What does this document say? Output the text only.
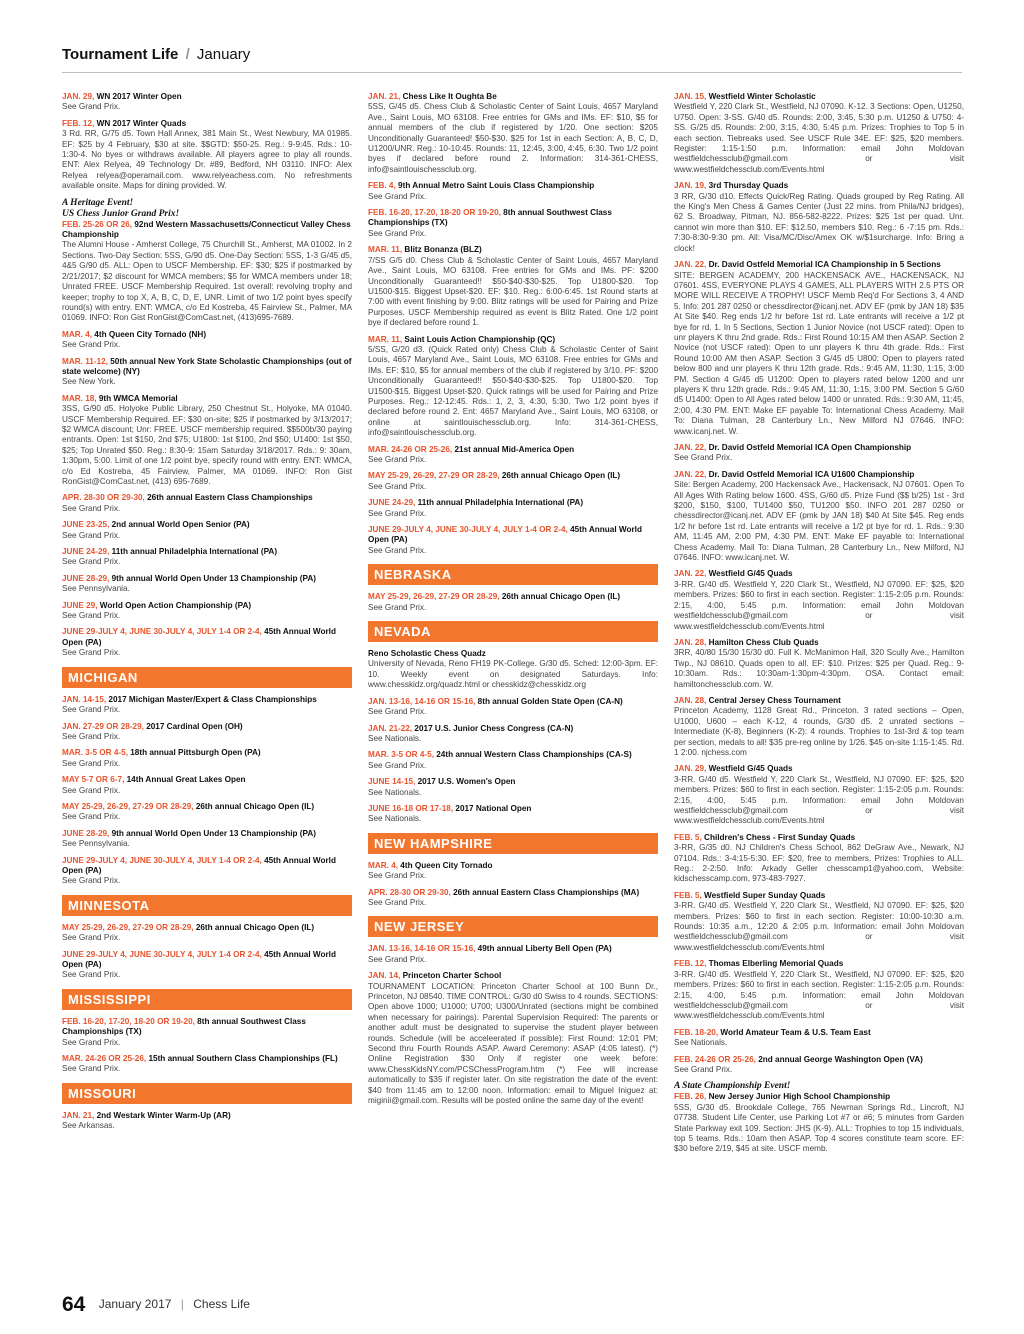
Tournament Life / January
JAN. 29, WN 2017 Winter Open
See Grand Prix.
FEB. 12, WN 2017 Winter Quads
3 Rd. RR, G/75 d5. Town Hall Annex, 381 Main St., West Newbury, MA 01985. EF: $25 by 4 February, $30 at site. $$GTD: $50-25. Reg.: 9-9:45. Rds.: 10-1:30-4. No byes or withdraws available. All players agree to play all rounds. ENT: Alex Relyea, 49 Technology Dr. #89, Bedford, NH 03110. INFO: Alex Relyea relyea@operamail.com. www.relyeachess.com. No refreshments available onsite. Maps for dining provided. W.
A Heritage Event!
US Chess Junior Grand Prix!
FEB. 25-26 OR 26, 92nd Western Massachusetts/Connecticut Valley Chess Championship
The Alumni House - Amherst College, 75 Churchill St., Amherst, MA 01002. In 2 Sections. Two-Day Section: 5SS, G/90 d5. One-Day Section: 5SS, 1-3 G/45 d5, 4&5 G/90 d5. ALL: Open to USCF Membership. EF: $30; $25 if postmarked by 2/21/2017; $2 discount for WMCA members; $5 for WMCA members under 18; Unrated FREE. USCF Membership Required. 1st overall: revolving trophy and keeper; trophy to top X, A, B, C, D, E, UNR. Limit of two 1/2 point byes specify round(s) with entry. ENT: WMCA, c/o Ed Kostreba, 45 Fairview St., Palmer, MA 01069. INFO: Ron Gist RonGist@ComCast.net, (413)695-7689.
MAR. 4, 4th Queen City Tornado (NH)
See Grand Prix.
MAR. 11-12, 50th annual New York State Scholastic Championships (out of state welcome) (NY)
See New York.
MAR. 18, 9th WMCA Memorial
3SS, G/90 d5. Holyoke Public Library, 250 Chestnut St., Holyoke, MA 01040. USCF Membership Required. EF: $30 on-site; $25 if postmarked by 3/13/2017; $2 WMCA discount; Unr: FREE. USCF membership required. $$500b/30 paying entrants. Open: 1st $150, 2nd $75; U1800: 1st $100, 2nd $50; U1400: 1st $50, $25; Top Unrated $50. Reg.: 8:30-9: 15am Saturday 3/18/2017. Rds.: 9: 30am, 1:30pm, 5:00. Limit of one 1/2 point bye, specify round with entry. ENT: WMCA, c/o Ed Kostreba, 45 Fairview, Palmer, MA 01069. INFO: Ron Gist RonGist@ComCast.net, (413) 695-7689.
APR. 28-30 OR 29-30, 26th annual Eastern Class Championships
See Grand Prix.
JUNE 23-25, 2nd annual World Open Senior (PA)
See Grand Prix.
JUNE 24-29, 11th annual Philadelphia International (PA)
See Grand Prix.
JUNE 28-29, 9th annual World Open Under 13 Championship (PA)
See Pennsylvania.
JUNE 29, World Open Action Championship (PA)
See Grand Prix.
JUNE 29-JULY 4, JUNE 30-JULY 4, JULY 1-4 OR 2-4, 45th Annual World Open (PA)
See Grand Prix.
MICHIGAN
JAN. 14-15, 2017 Michigan Master/Expert & Class Championships
See Grand Prix.
JAN. 27-29 OR 28-29, 2017 Cardinal Open (OH)
See Grand Prix.
MAR. 3-5 OR 4-5, 18th annual Pittsburgh Open (PA)
See Grand Prix.
MAY 5-7 OR 6-7, 14th Annual Great Lakes Open
See Grand Prix.
MAY 25-29, 26-29, 27-29 OR 28-29, 26th annual Chicago Open (IL)
See Grand Prix.
JUNE 28-29, 9th annual World Open Under 13 Championship (PA)
See Pennsylvania.
JUNE 29-JULY 4, JUNE 30-JULY 4, JULY 1-4 OR 2-4, 45th Annual World Open (PA)
See Grand Prix.
MINNESOTA
MAY 25-29, 26-29, 27-29 OR 28-29, 26th annual Chicago Open (IL)
See Grand Prix.
JUNE 29-JULY 4, JUNE 30-JULY 4, JULY 1-4 OR 2-4, 45th Annual World Open (PA)
See Grand Prix.
MISSISSIPPI
FEB. 16-20, 17-20, 18-20 OR 19-20, 8th annual Southwest Class Championships (TX)
See Grand Prix.
MAR. 24-26 OR 25-26, 15th annual Southern Class Championships (FL)
See Grand Prix.
MISSOURI
JAN. 21, 2nd Westark Winter Warm-Up (AR)
See Arkansas.
JAN. 21, Chess Like It Oughta Be
5SS, G/45 d5. Chess Club & Scholastic Center of Saint Louis, 4657 Maryland Ave., Saint Louis, MO 63108. Free entries for GMs and IMs. EF: $10, $5 for annual members of the club if registered by 1/20. One section: $205 Unconditionally Guaranteed! $50-$30. $25 for 1st in each Section: A, B, C, D, U1200/UNR. Reg.: 10-10:45. Rounds: 11, 12:45, 3:00, 4:45, 6:30. Two 1/2 point byes if declared before round 2. Information: 314-361-CHESS, info@saintlouischessclub.org.
FEB. 4, 9th Annual Metro Saint Louis Class Championship
See Grand Prix.
FEB. 16-20, 17-20, 18-20 OR 19-20, 8th annual Southwest Class Championships (TX)
See Grand Prix.
MAR. 11, Blitz Bonanza (BLZ)
7/SS G/5 d0. Chess Club & Scholastic Center of Saint Louis, 4657 Maryland Ave., Saint Louis, MO 63108. Free entries for GMs and IMs. PF: $200 Unconditionally Guaranteed!! $50-$40-$30-$25. Top U1800-$20. Top U1500-$15. Biggest Upset-$20. EF: $10. Reg.: 6:00-6:45. 1st Round starts at 7:00 with event finishing by 9:00. Blitz ratings will be used for Pairing and Prize Purposes. USCF Membership required as event is Blitz Rated. One 1/2 point bye if declared before round 1.
MAR. 11, Saint Louis Action Championship (QC)
5/SS, G/20 d3. (Quick Rated only) Chess Club & Scholastic Center of Saint Louis, 4657 Maryland Ave., Saint Louis, MO 63108. Free entries for GMs and IMs. EF: $10, $5 for annual members of the club if registered by 3/10. PF: $200 Unconditionally Guaranteed!! $50-$40-$30-$25. Top U1800-$20. Top U1500-$15. Biggest Upset-$20. Quick ratings will be used for Pairing and Prize Purposes. Reg.: 12-12:45. Rds.: 1, 2, 3, 4:30, 5:30. Two 1/2 point byes if declared before round 2. Ent: 4657 Maryland Ave., Saint Louis, MO 63108, or online at saintlouischessclub.org. Info: 314-361-CHESS, info@saintlouischessclub.org.
MAR. 24-26 OR 25-26, 21st annual Mid-America Open
See Grand Prix.
MAY 25-29, 26-29, 27-29 OR 28-29, 26th annual Chicago Open (IL)
See Grand Prix.
JUNE 24-29, 11th annual Philadelphia International (PA)
See Grand Prix.
JUNE 29-JULY 4, JUNE 30-JULY 4, JULY 1-4 OR 2-4, 45th Annual World Open (PA)
See Grand Prix.
NEBRASKA
MAY 25-29, 26-29, 27-29 OR 28-29, 26th annual Chicago Open (IL)
See Grand Prix.
NEVADA
Reno Scholastic Chess Quadz
University of Nevada, Reno FH19 PK-College. G/30 d5. Sched: 12:00-3pm. EF: 10. Weekly event on designated Saturdays. Info: www.chesskidz.org/quadz.html or chesskidz@chesskidz.org
JAN. 13-16, 14-16 OR 15-16, 8th annual Golden State Open (CA-N)
See Grand Prix.
JAN. 21-22, 2017 U.S. Junior Chess Congress (CA-N)
See Nationals.
MAR. 3-5 OR 4-5, 24th annual Western Class Championships (CA-S)
See Grand Prix.
JUNE 14-15, 2017 U.S. Women's Open
See Nationals.
JUNE 16-18 OR 17-18, 2017 National Open
See Nationals.
NEW HAMPSHIRE
MAR. 4, 4th Queen City Tornado
See Grand Prix.
APR. 28-30 OR 29-30, 26th annual Eastern Class Championships (MA)
See Grand Prix.
NEW JERSEY
JAN. 13-16, 14-16 OR 15-16, 49th annual Liberty Bell Open (PA)
See Grand Prix.
JAN. 14, Princeton Charter School
TOURNAMENT LOCATION: Princeton Charter School at 100 Bunn Dr., Princeton, NJ 08540. TIME CONTROL: G/30 d0 Swiss to 4 rounds. SECTIONS: Open above 1000; U1000; U700; U300/Unrated (sections might be combined when necessary for pairings). Parental Supervision Required: The parents or another adult must be designated to supervise the student player between rounds. Schedule (will be acceleerated if possible): First Round: 12:01 PM; Second thru Fourth Rounds ASAP. Award Ceremony: ASAP (4:05 latest). (*) Online Registration $30 Only if register one week before: www.ChessKidsNY.com/PCSChessProgram.htm (*) Fee will increase automatically to $35 if register later. On site registration the date of the event: $40 from 11:45 am to 12:00 noon. Information: email to Miguel Iniguez at: miginii@gmail.com. Results will be posted online the same day of the event!
JAN. 15, Westfield Winter Scholastic
Westfield Y, 220 Clark St., Westfield, NJ 07090. K-12. 3 Sections: Open, U1250, U750. Open: 3-SS. G/40 d5. Rounds: 2:00, 3:45, 5:30 p.m. U1250 & U750: 4-SS. G/25 d5. Rounds: 2:00, 3:15, 4:30, 5:45 p.m. Prizes: Trophies to Top 5 in each section. Tiebreaks used. See USCF Rule 34E. EF: $25, $20 members. Register: 1:15-1:50 p.m. Information: email John Moldovan westfieldchessclub@gmail.com or visit www.westfieldchessclub.com/Events.html
JAN. 19, 3rd Thursday Quads
3 RR, G/30 d10. Effects Quick/Reg Rating. Quads grouped by Reg Rating. All the King's Men Chess & Games Center (Just 22 mins. from Phila/NJ bridges), 62 S. Broadway, Pitman, NJ. 856-582-8222. Prizes: $25 1st per quad. Unr. cannot win more than $10. EF: $12.50, members $10. Reg.: 6 -7:15 pm. Rds.: 7:30-8:30-9:30 pm. All: Visa/MC/Disc/Amex OK w/$1surcharge. Info: Bring a clock!
JAN. 22, Dr. David Ostfeld Memorial ICA Championship in 5 Sections
SITE: BERGEN ACADEMY, 200 HACKENSACK AVE., HACKENSACK, NJ 07601. 4SS, EVERYONE PLAYS 4 GAMES, ALL PLAYERS WITH 2.5 PTS OR MORE WILL RECEIVE A TROPHY! USCF Memb Req'd For Sections 3, 4 AND 5. Info: 201 287 0250 or chessdirector@icanj.net. ADV EF (pmk by JAN 18) $35 At Site $40. Reg ends 1/2 hr before 1st rd. Late entrants will receive a 1/2 pt bye for rd. 1. In 5 Sections, Section 1 Junior Novice (not USCF rated): Open to unr players K thru 2nd grade. Rds.: First Round 10:15 AM then ASAP. Section 2 Novice (not USCF rated): Open to unr players K thru 4th grade. Rds.: First Round 10:00 AM then ASAP. Section 3 G/45 d5 U800: Open to players rated below 800 and unr players K thru 12th grade. Rds.: 9:45 AM, 11:30, 1:15, 3:00 PM. Section 4 G/45 d5 U1200: Open to players rated below 1200 and unr players K thru 12th grade. Rds.: 9:45 AM, 11:30, 1:15, 3:00 PM. Section 5 G/60 d5 U1400: Open to All Ages rated below 1400 or unrated. Rds.: 9:30 AM, 11:45, 2:00, 4:30 PM. ENT: Make EF payable To: International Chess Academy. Mail To: Diana Tulman, 28 Canterbury Ln., New Milford NJ 07646. INFO: www.icanj.net. W.
JAN. 22, Dr. David Ostfeld Memorial ICA Open Championship
See Grand Prix.
JAN. 22, Dr. David Ostfeld Memorial ICA U1600 Championship
Site: Bergen Academy, 200 Hackensack Ave., Hackensack, NJ 07601. Open To All Ages With Rating below 1600. 4SS, G/60 d5. Prize Fund ($$ b/25) 1st - 3rd $200, $150, $100, TU1400 $50, TU1200 $50. INFO 201 287 0250 or chessdirector@icanj.net. ADV EF (pmk by JAN 18) $40 At Site $45. Reg ends 1/2 hr before 1st rd. Late entrants will receive a 1/2 pt bye for rd. 1. Rds.: 9:30 AM, 11:45 AM, 2:00 PM, 4:30 PM. ENT: Make EF payable to: International Chess Academy. Mail To: Diana Tulman, 28 Canterbury Ln., New Milford, NJ 07646. INFO: www.icanj.net. W.
JAN. 22, Westfield G/45 Quads
3-RR. G/40 d5. Westfield Y, 220 Clark St., Westfield, NJ 07090. EF: $25, $20 members. Prizes: $60 to first in each section. Register: 1:15-2:05 p.m. Rounds: 2:15, 4:00, 5:45 p.m. Information: email John Moldovan westfieldchessclub@gmail.com or visit www.westfieldchessclub.com/Events.html
JAN. 28, Hamilton Chess Club Quads
3RR, 40/80 15/30 15/30 d0. Full K. McManimon Hall, 320 Scully Ave., Hamilton Twp., NJ 08610. Quads open to all. EF: $10. Prizes: $25 per Quad. Reg.: 9-10:30am. Rds.: 10:30am-1:30pm-4:30pm. OSA. Contact email: hamiltonchessclub.com. W.
JAN. 28, Central Jersey Chess Tournament
Princeton Academy, 1128 Great Rd., Princeton. 3 rated sections – Open, U1000, U600 – each K-12, 4 rounds, G/30 d5. 2 unrated sections – Intermediate (K-8), Beginners (K-2): 4 rounds. Trophies to 1st-3rd & top team per section, medals to all! $35 pre-reg online by 1/26. $45 on-site 1:15-1:45. Rd. 1 2:00. njchess.com
JAN. 29, Westfield G/45 Quads
3-RR. G/40 d5. Westfield Y, 220 Clark St., Westfield, NJ 07090. EF: $25, $20 members. Prizes: $60 to first in each section. Register: 1:15-2:05 p.m. Rounds: 2:15, 4:00, 5:45 p.m. Information: email John Moldovan westfieldchessclub@gmail.com or visit www.westfieldchessclub.com/Events.html
FEB. 5, Children's Chess - First Sunday Quads
3-RR, G/35 d0. NJ Children's Chess School, 862 DeGraw Ave., Newark, NJ 07104. Rds.: 3-4:15-5:30. EF: $20, free to members. Prizes: Trophies to ALL. Reg.: 2-2:50. Info: Arkady Geller chesscamp1@yahoo.com, Website: kidschesscamp.com, 973-483-7927.
FEB. 5, Westfield Super Sunday Quads
3-RR. G/40 d5. Westfield Y, 220 Clark St., Westfield, NJ 07090. EF: $25, $20 members. Prizes: $60 to first in each section. Register: 10:00-10:30 a.m. Rounds: 10:35 a.m., 12:20 & 2:05 p.m. Information: email John Moldovan westfieldchessclub@gmail.com or visit www.westfieldchessclub.com/Events.html
FEB. 12, Thomas Elberling Memorial Quads
3-RR. G/40 d5. Westfield Y, 220 Clark St., Westfield, NJ 07090. EF: $25, $20 members. Prizes: $60 to first in each section. Register: 1:15-2:05 p.m. Rounds: 2:15, 4:00, 5:45 p.m. Information: email John Moldovan westfieldchessclub@gmail.com or visit www.westfieldchessclub.com/Events.html
FEB. 18-20, World Amateur Team & U.S. Team East
See Nationals.
FEB. 24-26 OR 25-26, 2nd annual George Washington Open (VA)
See Grand Prix.
A State Championship Event!
FEB. 26, New Jersey Junior High School Championship
5SS, G/30 d5. Brookdale College, 765 Newman Springs Rd., Lincroft, NJ 07738. Student Life Center, use Parking Lot #7 or #6; 5 minutes from Garden State Parkway exit 109. Section: JHS (K-9). ALL: Trophies to top 15 individuals, top 5 teams. Rds.: 10am then ASAP. Top 4 scores constitute team score. EF: $30 before 2/19, $45 at site. USCF memb.
64 January 2017 | Chess Life
